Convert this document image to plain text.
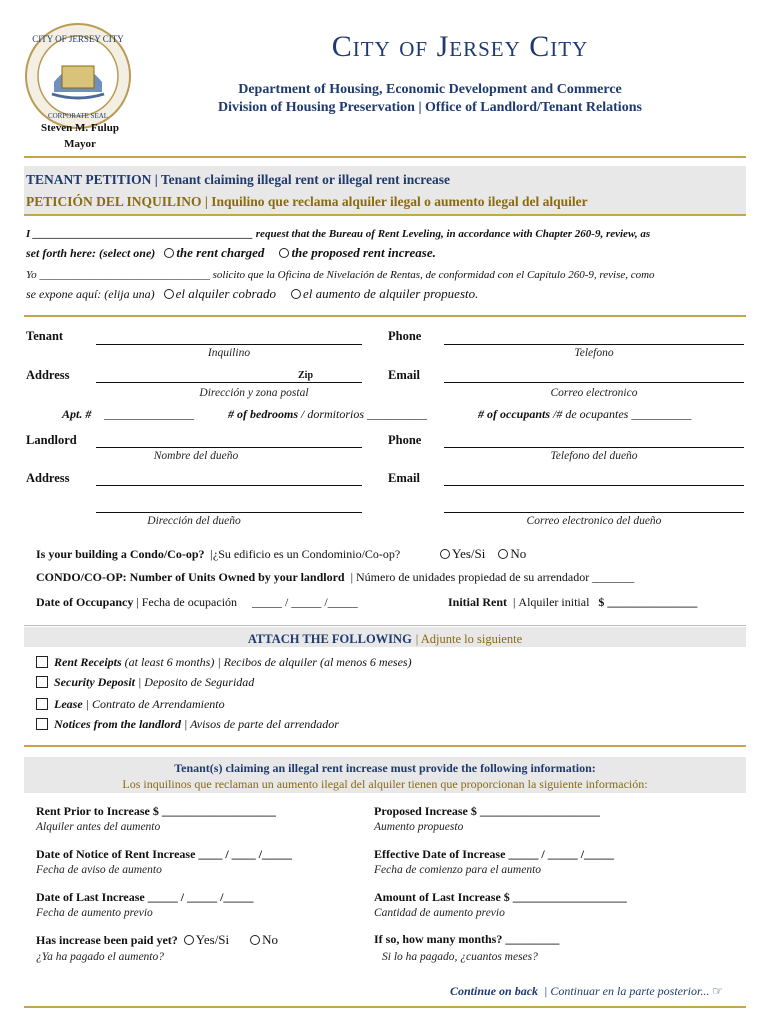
CITY OF JERSEY CITY
CORPORATE SEAL
City of Jersey City
Department of Housing, Economic Development and Commerce
Division of Housing Preservation | Office of Landlord/Tenant Relations
Steven M. Fulup
Mayor
TENANT PETITION | Tenant claiming illegal rent or illegal rent increase
PETICIÓN DEL INQUILINO | Inquilino que reclama alquiler ilegal o aumento ilegal del alquiler
I ________________________________________ request that the Bureau of Rent Leveling, in accordance with Chapter 260-9, review, as
set forth here: (select one) the rent charged the proposed rent increase.
Yo _______________________________ solicito que la Oficina de Nivelación de Rentas, de conformidad con el Capítulo 260-9, revise, como
se expone aquí: (elija una) el alquiler cobrado el aumento de alquiler propuesto.
Tenant
Inquilino
Phone
Telefono
Address	Zip
Dirección y zona postal
Email
Correo electronico
Apt. # _______________	# of bedrooms / dormitorios __________	# of occupants /# de ocupantes __________
Landlord
Nombre del dueño
Phone
Telefono del dueño
Address	Email
Dirección del dueño	Correo electronico del dueño
Is your building a Condo/Co-op?  |¿Su edificio es un Condominio/Co-op?	Yes/Si No
CONDO/CO-OP: Number of Units Owned by your landlord  | Número de unidades propiedad de su arrendador _______
Date of Occupancy | Fecha de ocupación _____ / _____ /_____	Initial Rent  | Alquiler initial $ _______________
ATTACH THE FOLLOWING | Adjunte lo siguiente
Rent Receipts (at least 6 months) | Recibos de alquiler (al menos 6 meses)
Security Deposit | Deposito de Seguridad
Lease | Contrato de Arrendamiento
Notices from the landlord | Avisos de parte del arrendador
Tenant(s) claiming an illegal rent increase must provide the following information:
Los inquilinos que reclaman un aumento ilegal del alquiler tienen que proporcionan la siguiente información:
Rent Prior to Increase $ ___________________
Alquiler antes del aumento
Proposed Increase $ ____________________
Aumento propuesto
Date of Notice of Rent Increase ____ / ____ /_____
Fecha de aviso de aumento
Effective Date of Increase _____ / _____ /_____
Fecha de comienzo para el aumento
Date of Last Increase _____ / _____ /_____
Fecha de aumento previo
Amount of Last Increase $ ___________________
Cantidad de aumento previo
Has increase been paid yet? Yes/Si	No
¿Ya ha pagado el aumento?
If so, how many months? _________
Si lo ha pagado, ¿cuantos meses?
Continue on back | Continuar en la parte posterior... ☞
